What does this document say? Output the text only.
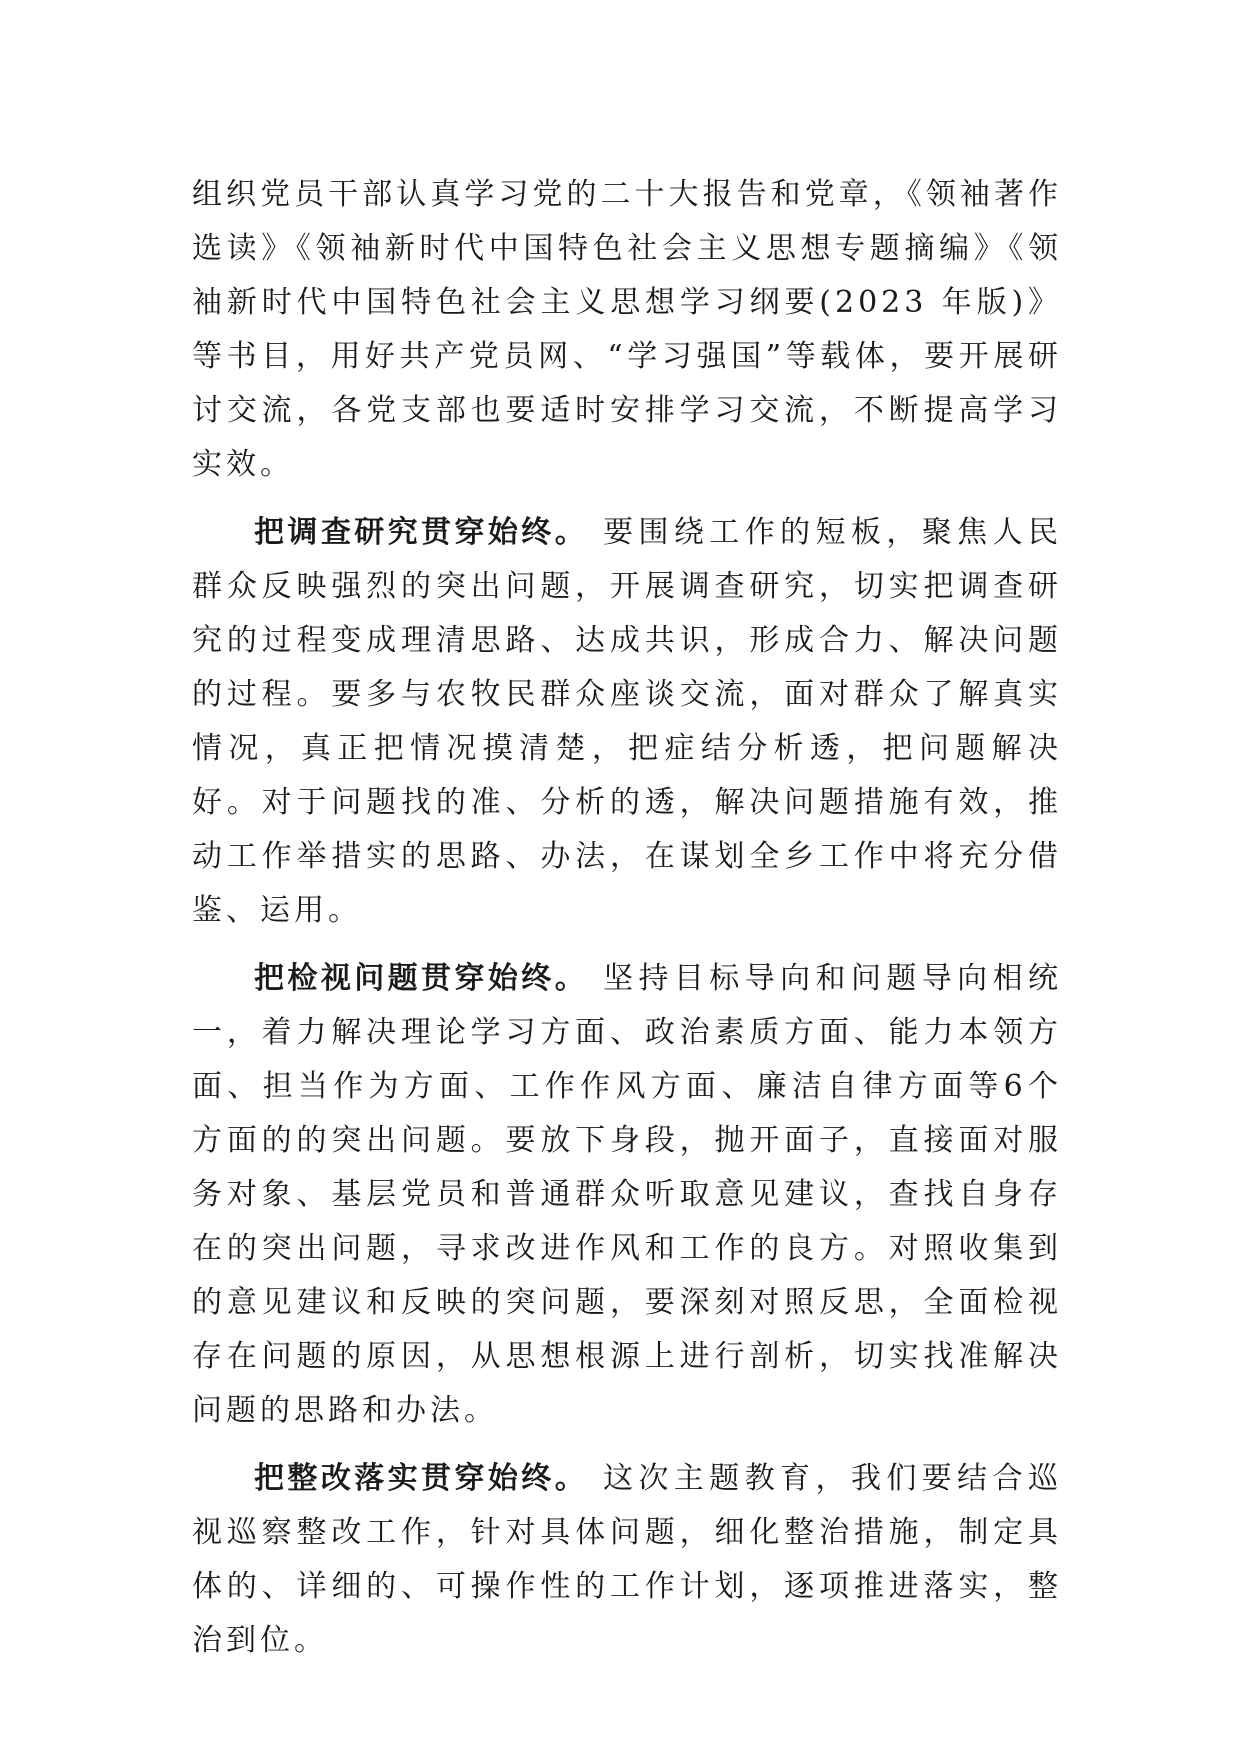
组织党员干部认真学习党的二十大报告和党章，《领袖著作选读》《领袖新时代中国特色社会主义思想专题摘编》《领袖新时代中国特色社会主义思想学习纲要(2023 年版)》等书目，用好共产党员网、“学习强国”等载体，要开展研讨交流，各党支部也要适时安排学习交流，不断提高学习实效。

把调查研究贯穿始终。 要围绕工作的短板，聚焦人民群众反映强烈的突出问题，开展调查研究，切实把调查研究的过程变成理清思路、达成共识，形成合力、解决问题的过程。要多与农牧民群众座谈交流，面对群众了解真实情况，真正把情况摸清楚，把症结分析透，把问题解决好。对于问题找的准、分析的透，解决问题措施有效，推动工作举措实的思路、办法，在谋划全乡工作中将充分借鉴、运用。

把检视问题贯穿始终。 坚持目标导向和问题导向相统一，着力解决理论学习方面、政治素质方面、能力本领方面、担当作为方面、工作作风方面、廉洁自律方面等6个方面的的突出问题。要放下身段，抛开面子，直接面对服务对象、基层党员和普通群众听取意见建议，查找自身存在的突出问题，寻求改进作风和工作的良方。对照收集到的意见建议和反映的突问题，要深刻对照反思，全面检视存在问题的原因，从思想根源上进行剖析，切实找准解决问题的思路和办法。

把整改落实贯穿始终。 这次主题教育，我们要结合巡视巡察整改工作，针对具体问题，细化整治措施，制定具体的、详细的、可操作性的工作计划，逐项推进落实，整治到位。
